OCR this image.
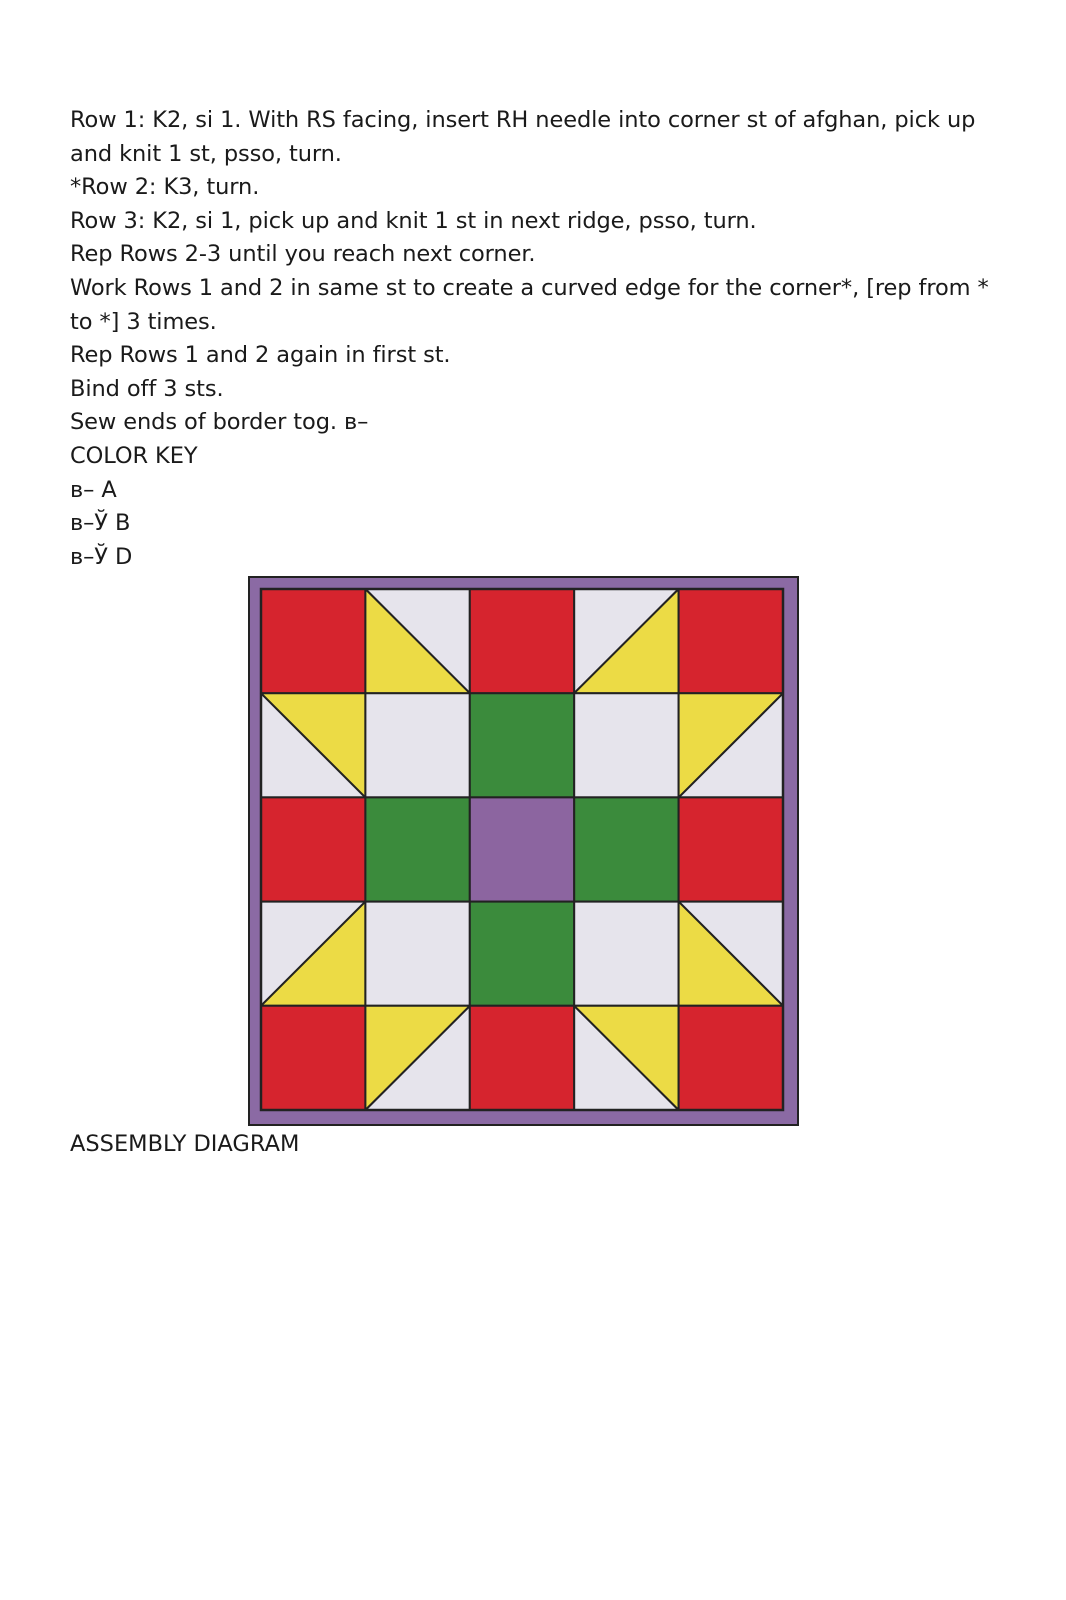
Row 1: K2, si 1. With RS facing, insert RH needle into corner st of afghan, pick up and knit 1 st, psso, turn.
*Row 2: K3, turn.
Row 3: K2, si 1, pick up and knit 1 st in next ridge, psso, turn.
Rep Rows 2-3 until you reach next corner.
Work Rows 1 and 2 in same st to create a curved edge for the corner*, [rep from * to *] 3 times.
Rep Rows 1 and 2 again in first st.
Bind off 3 sts.
Sew ends of border tog. в–
COLOR KEY
в– A
в–Ў B
в–Ў D
ASSEMBLY DIAGRAM
